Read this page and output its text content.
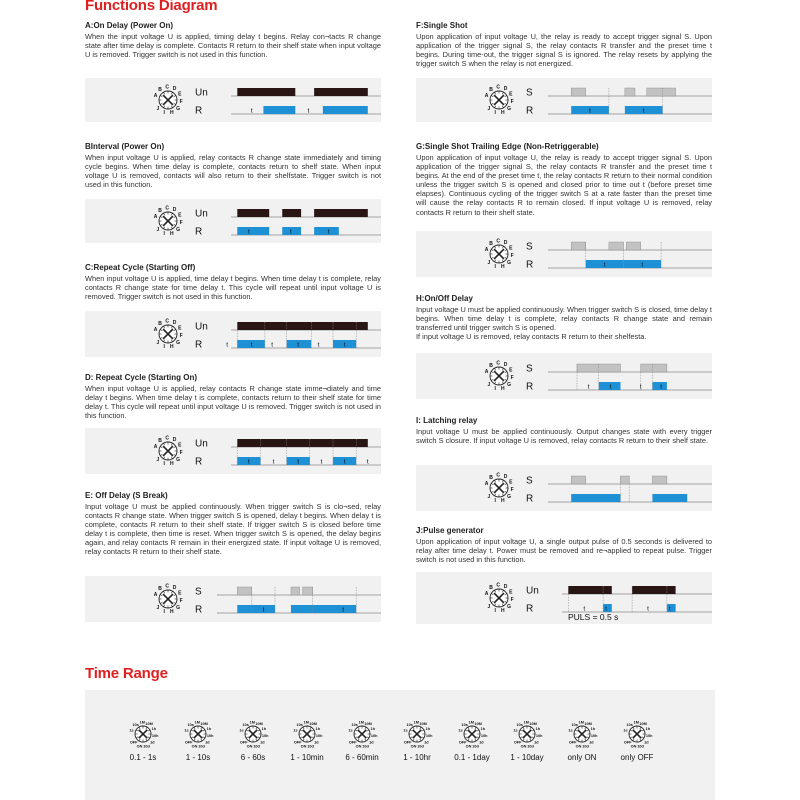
Functions Diagram
Time Range
A:On Delay (Power On)

When the input voltage U is applied, timing delay t begins. Relay con¬tacts R change state after time delay is complete. Contacts R return to their shelf state when input voltage U is removed. Trigger switch is not used in this function.

BInterval (Power On)

When input voltage U is applied, relay contacts R change state immediately and timing cycle begins. When time delay is complete, contacts return to shelf state. When input voltage U is removed, contacts will also return to their shelfstate. Trigger switch is not used in this function.

C:Repeat Cycle (Starting Off)

When input voltage U is applied, time delay t begins. When time delay t is complete, relay contacts R change state for time delay t. This cycle will repeat until input voltage U is removed. Trigger switch is not used in this function.

D: Repeat Cycle (Starting On)

When input voltage U is applied, relay contacts R change state imme¬diately and time delay t begins. When time delay t is complete, contacts return to their shelf state for time delay t. This cycle will repeat until input voltage U is removed. Trigger switch is not used in this function.

E: Off Delay (S Break)

Input voltage U must be applied continuously. When trigger switch S is clo¬sed, relay contacts R change state. When trigger switch S is opened, delay t begins. When delay t is complete, contacts R return to their shelf state. If trigger switch S is closed before time delay t is complete, then time is reset. When trigger switch S is opened, the delay begins again, and relay contacts R remain in their energized state. If input voltage U is removed, relay contacts R return to their shelf state.

F:Single Shot

Upon application of input voltage U, the relay is ready to accept trigger signal S. Upon application of the trigger signal S, the relay contacts R transfer and the preset time t begins. During time-out, the trigger signal S is ignored. The relay resets by applying the trigger switch S when the relay is not energized.

G:Single Shot Trailing Edge (Non-Retriggerable)

Upon application of input voltage U, the relay is ready to accept trigger signal S. Upon application of the trigger signal S, the relay contacts R transfer and the preset time t begins. At the end of the preset time t, the relay contacts R return to their normal condition unless the trigger switch S is opened and closed prior to time out t (before preset time elapses). Continuous cycling of the trigger switch S at a rate faster than the preset time will cause the relay contacts R to remain closed. If input voltage U is removed, relay contacts R return to their shelf state.

H:On/Off Delay

Input voltage U must be applied continuously. When trigger switch S is closed, time delay t begins. When time delay t is complete, relay contacts R change state and remain transferred until trigger switch S is opened.
If input voltage U is removed, relay contacts R return to their shelfesta.

I: Latching relay

Input voltage U must be applied continuously. Output changes state with every trigger switch S closure. If input voltage U is removed, relay contacts R return to their shelf state.

J:Pulse generator

Upon application of input voltage U, a single output pulse of 0.5 seconds is delivered to relay after time delay t. Power must be removed and re¬applied to repeat pulse. Trigger switch is not used in this function.

A
B C D
E
F
G
H
I
J
Un
R	t	t
A
B C D
E
F
G
H
I
J
Un
R	t	t	t
A
B C D
E
F
G
H
I
J
Un
R	t	t	t	t	t	t
A
B C D
E
F
G
H
I
J
Un
R	t	t	t	t	t	t
A
B C D
E
F
G
H
I
J
S
R	t	t
A
B C D
E
F
G
H
I
J
S
R	t	t
A
B C D
E
F
G
H
I
J
S
R	t	t
A
B C D
E
F
G
H
I
J
S
R	t	t	t	t
A
B C D
E
F
G
H
I
J
S
R
A
B C D
E
F
G
H
I
J
Un
R	t	t	t	t
PULS = 0.5 s
1s
10s
1M 10M
1h
10h
1d
10d
ON
OFF
0.1 - 1s
1s
10s
1M 10M
1h
10h
1d
10d
ON
OFF
1 - 10s
1s
10s
1M 10M
1h
10h
1d
10d
ON
OFF
6 - 60s
1s
10s
1M 10M
1h
10h
1d
10d
ON
OFF
1 - 10min
1s
10s
1M 10M
1h
10h
1d
10d
ON
OFF
6 - 60min
1s
10s
1M 10M
1h
10h
1d
10d
ON
OFF
1 - 10hr
1s
10s
1M 10M
1h
10h
1d
10d
ON
OFF
0.1 - 1day
1s
10s
1M 10M
1h
10h
1d
10d
ON
OFF
1 - 10day
1s
10s
1M 10M
1h
10h
1d
10d
ON
OFF
only ON
1s
10s
1M 10M
1h
10h
1d
10d
ON
OFF
only OFF
